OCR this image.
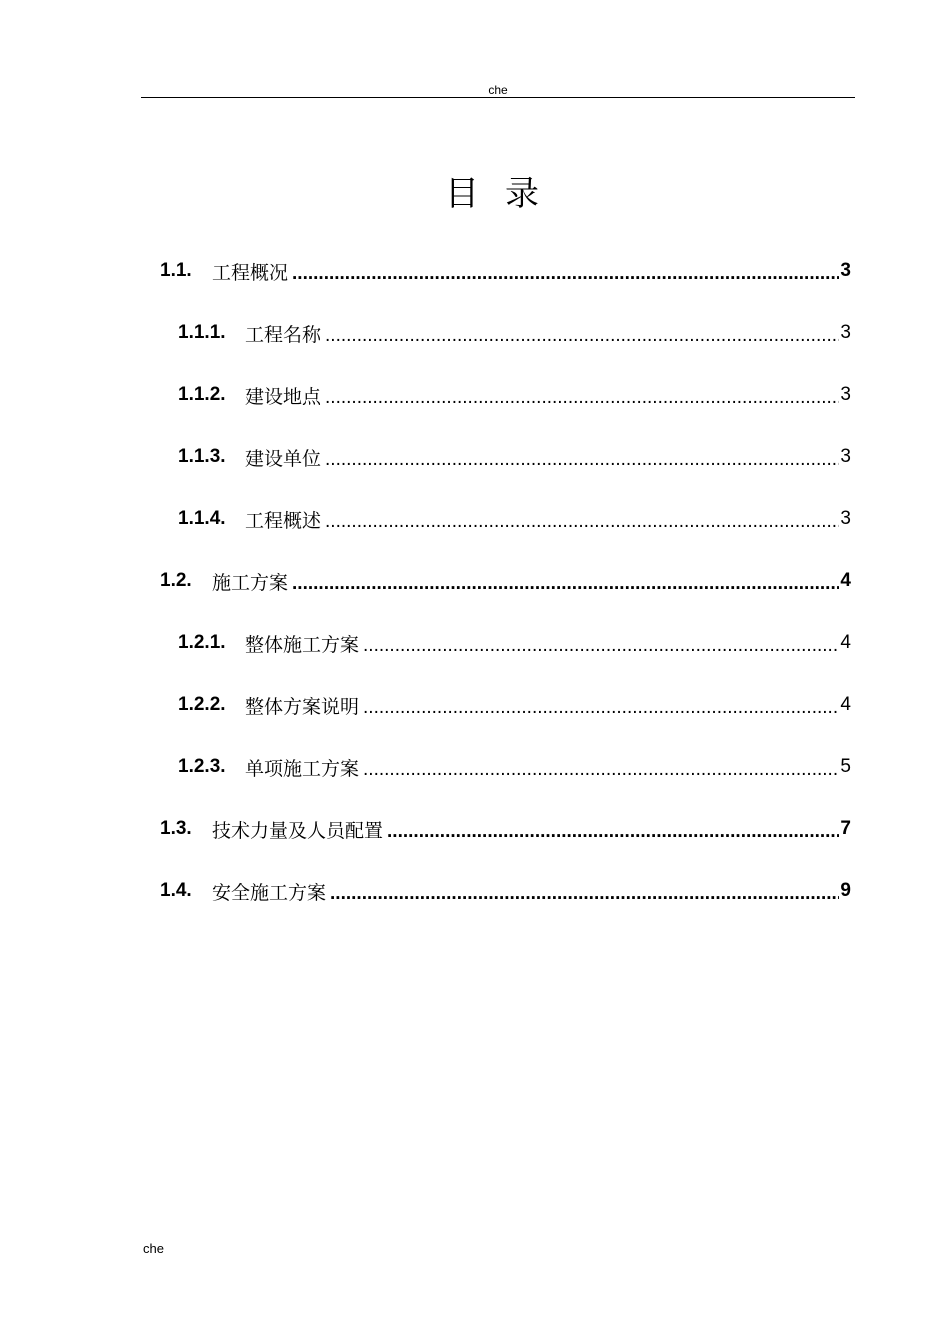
che
目录
1.1.	工程概况 .....	3
1.1.1.	工程名称 .....	3
1.1.2.	建设地点 .....	3
1.1.3.	建设单位 .....	3
1.1.4.	工程概述 .....	3
1.2.	施工方案 .....	4
1.2.1.	整体施工方案 .....	4
1.2.2.	整体方案说明 .....	4
1.2.3.	单项施工方案 .....	5
1.3.	技术力量及人员配置 .....	7
1.4.	安全施工方案 .....	9
che
